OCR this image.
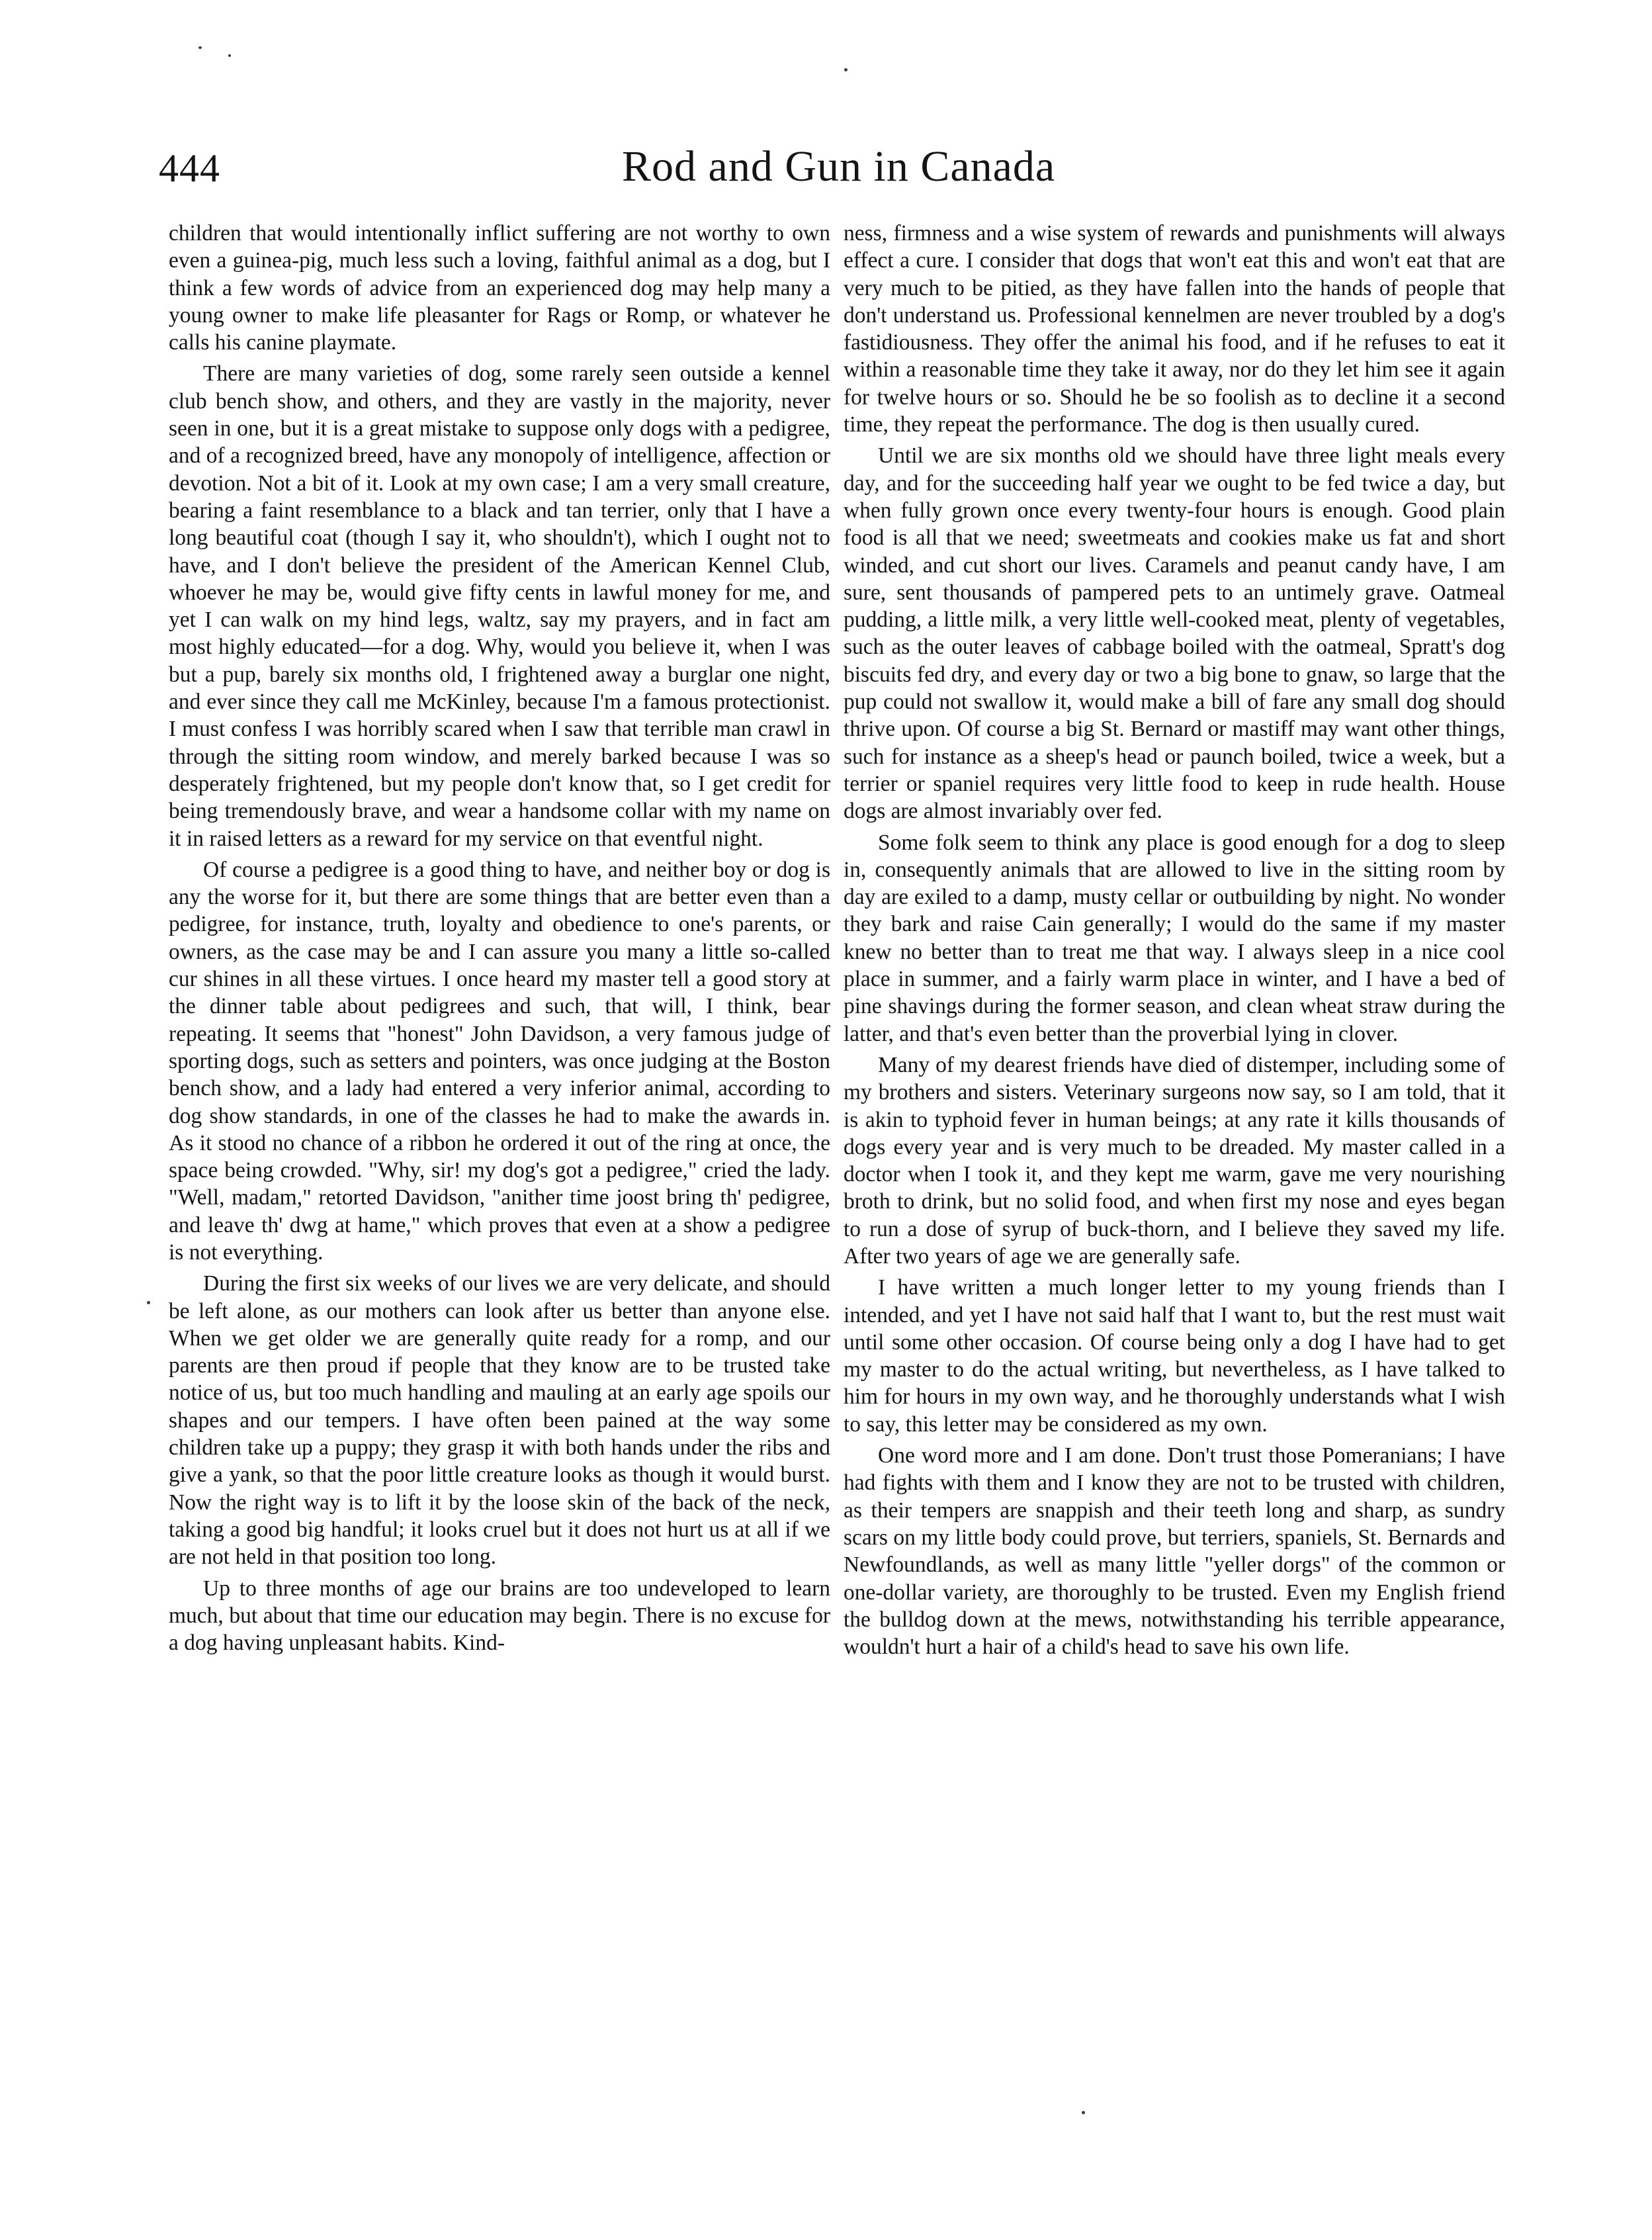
444	Rod and Gun in Canada

children that would intentionally inflict suffering are not worthy to own even a guinea-pig, much less such a loving, faithful animal as a dog, but I think a few words of advice from an experienced dog may help many a young owner to make life pleasanter for Rags or Romp, or whatever he calls his canine playmate.

There are many varieties of dog, some rarely seen outside a kennel club bench show, and others, and they are vastly in the majority, never seen in one, but it is a great mistake to suppose only dogs with a pedigree, and of a recognized breed, have any monopoly of intelligence, affection or devotion. Not a bit of it. Look at my own case; I am a very small creature, bearing a faint resemblance to a black and tan terrier, only that I have a long beautiful coat (though I say it, who shouldn't), which I ought not to have, and I don't believe the president of the American Kennel Club, whoever he may be, would give fifty cents in lawful money for me, and yet I can walk on my hind legs, waltz, say my prayers, and in fact am most highly educated—for a dog. Why, would you believe it, when I was but a pup, barely six months old, I frightened away a burglar one night, and ever since they call me McKinley, because I'm a famous protectionist. I must confess I was horribly scared when I saw that terrible man crawl in through the sitting room window, and merely barked because I was so desperately frightened, but my people don't know that, so I get credit for being tremendously brave, and wear a handsome collar with my name on it in raised letters as a reward for my service on that eventful night.

Of course a pedigree is a good thing to have, and neither boy or dog is any the worse for it, but there are some things that are better even than a pedigree, for instance, truth, loyalty and obedience to one's parents, or owners, as the case may be and I can assure you many a little so-called cur shines in all these virtues. I once heard my master tell a good story at the dinner table about pedigrees and such, that will, I think, bear repeating. It seems that "honest" John Davidson, a very famous judge of sporting dogs, such as setters and pointers, was once judging at the Boston bench show, and a lady had entered a very inferior animal, according to dog show standards, in one of the classes he had to make the awards in. As it stood no chance of a ribbon he ordered it out of the ring at once, the space being crowded. "Why, sir! my dog's got a pedigree," cried the lady. "Well, madam," retorted Davidson, "anither time joost bring th' pedigree, and leave th' dwg at hame," which proves that even at a show a pedigree is not everything.

During the first six weeks of our lives we are very delicate, and should be left alone, as our mothers can look after us better than anyone else. When we get older we are generally quite ready for a romp, and our parents are then proud if people that they know are to be trusted take notice of us, but too much handling and mauling at an early age spoils our shapes and our tempers. I have often been pained at the way some children take up a puppy; they grasp it with both hands under the ribs and give a yank, so that the poor little creature looks as though it would burst. Now the right way is to lift it by the loose skin of the back of the neck, taking a good big handful; it looks cruel but it does not hurt us at all if we are not held in that position too long.

Up to three months of age our brains are too undeveloped to learn much, but about that time our education may begin. There is no excuse for a dog having unpleasant habits. Kind-

ness, firmness and a wise system of rewards and punishments will always effect a cure. I consider that dogs that won't eat this and won't eat that are very much to be pitied, as they have fallen into the hands of people that don't understand us. Professional kennelmen are never troubled by a dog's fastidiousness. They offer the animal his food, and if he refuses to eat it within a reasonable time they take it away, nor do they let him see it again for twelve hours or so. Should he be so foolish as to decline it a second time, they repeat the performance. The dog is then usually cured.

Until we are six months old we should have three light meals every day, and for the succeeding half year we ought to be fed twice a day, but when fully grown once every twenty-four hours is enough. Good plain food is all that we need; sweetmeats and cookies make us fat and short winded, and cut short our lives. Caramels and peanut candy have, I am sure, sent thousands of pampered pets to an untimely grave. Oatmeal pudding, a little milk, a very little well-cooked meat, plenty of vegetables, such as the outer leaves of cabbage boiled with the oatmeal, Spratt's dog biscuits fed dry, and every day or two a big bone to gnaw, so large that the pup could not swallow it, would make a bill of fare any small dog should thrive upon. Of course a big St. Bernard or mastiff may want other things, such for instance as a sheep's head or paunch boiled, twice a week, but a terrier or spaniel requires very little food to keep in rude health. House dogs are almost invariably over fed.

Some folk seem to think any place is good enough for a dog to sleep in, consequently animals that are allowed to live in the sitting room by day are exiled to a damp, musty cellar or outbuilding by night. No wonder they bark and raise Cain generally; I would do the same if my master knew no better than to treat me that way. I always sleep in a nice cool place in summer, and a fairly warm place in winter, and I have a bed of pine shavings during the former season, and clean wheat straw during the latter, and that's even better than the proverbial lying in clover.

Many of my dearest friends have died of distemper, including some of my brothers and sisters. Veterinary surgeons now say, so I am told, that it is akin to typhoid fever in human beings; at any rate it kills thousands of dogs every year and is very much to be dreaded. My master called in a doctor when I took it, and they kept me warm, gave me very nourishing broth to drink, but no solid food, and when first my nose and eyes began to run a dose of syrup of buck-thorn, and I believe they saved my life. After two years of age we are generally safe.

I have written a much longer letter to my young friends than I intended, and yet I have not said half that I want to, but the rest must wait until some other occasion. Of course being only a dog I have had to get my master to do the actual writing, but nevertheless, as I have talked to him for hours in my own way, and he thoroughly understands what I wish to say, this letter may be considered as my own.

One word more and I am done. Don't trust those Pomeranians; I have had fights with them and I know they are not to be trusted with children, as their tempers are snappish and their teeth long and sharp, as sundry scars on my little body could prove, but terriers, spaniels, St. Bernards and Newfoundlands, as well as many little "yeller dorgs" of the common or one-dollar variety, are thoroughly to be trusted. Even my English friend the bulldog down at the mews, notwithstanding his terrible appearance, wouldn't hurt a hair of a child's head to save his own life.
